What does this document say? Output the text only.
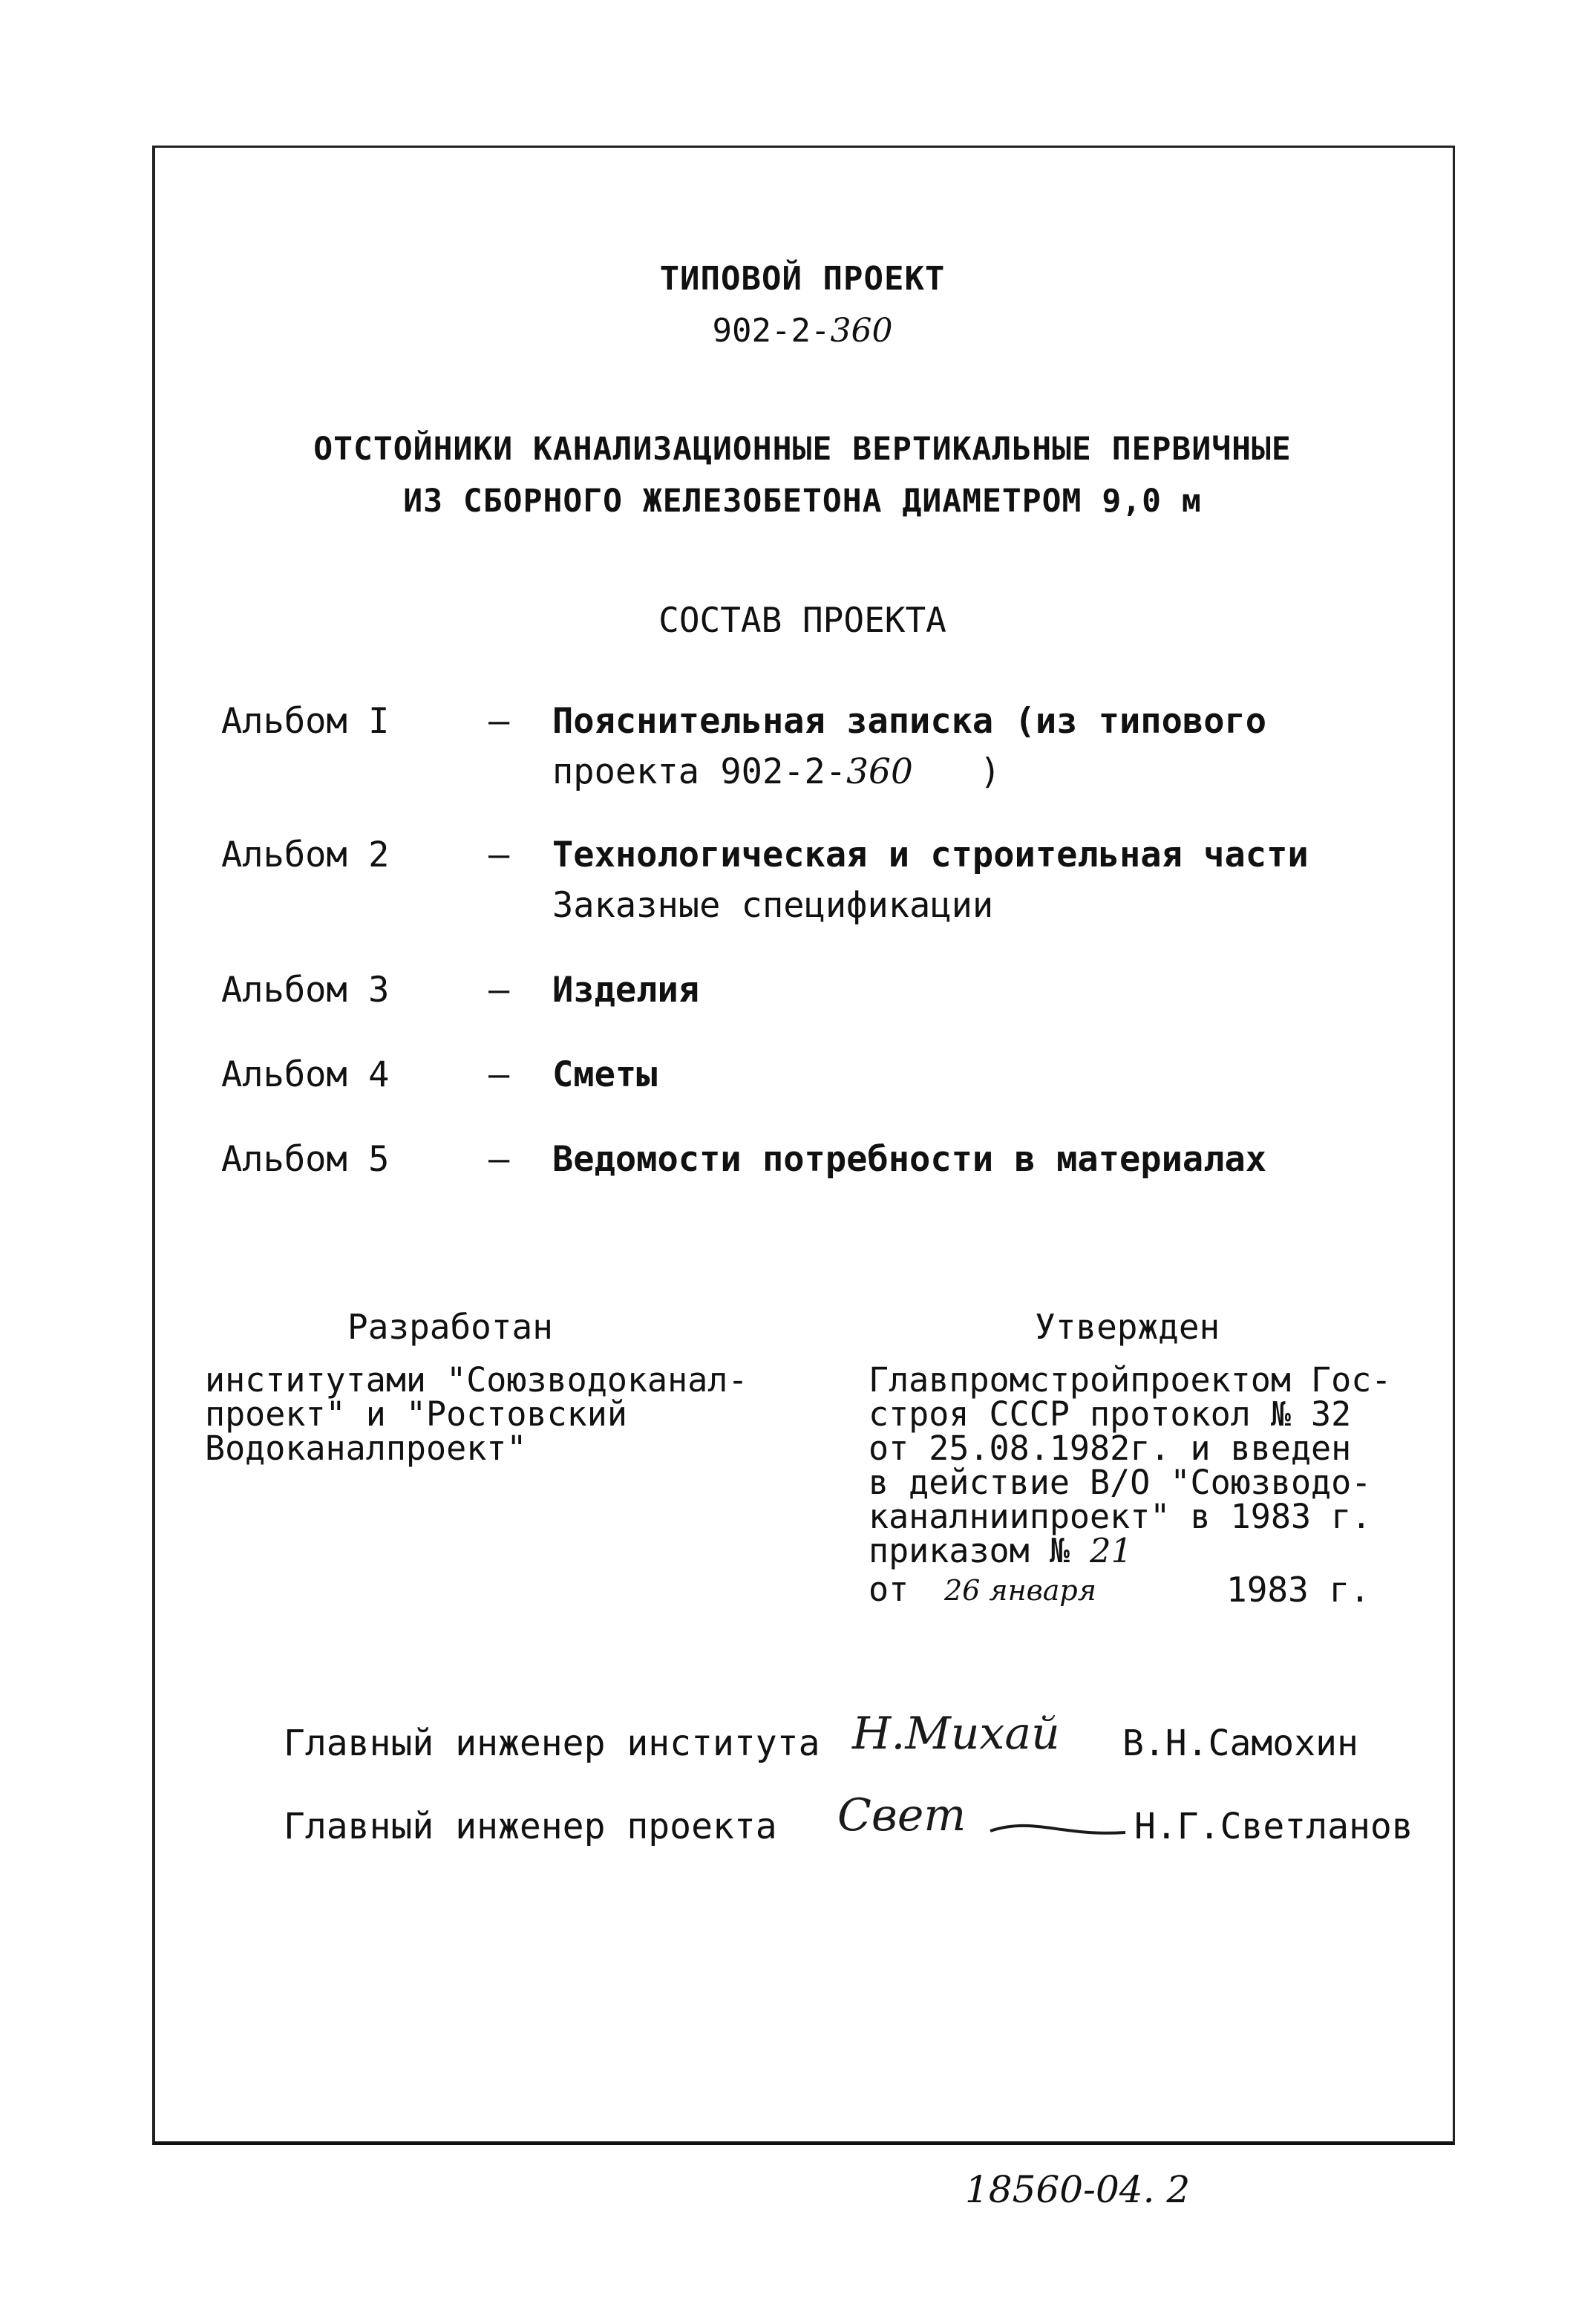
ТИПОВОЙ ПРОЕКТ
902-2-360
ОТСТОЙНИКИ КАНАЛИЗАЦИОННЫЕ ВЕРТИКАЛЬНЫЕ ПЕРВИЧНЫЕ
ИЗ СБОРНОГО ЖЕЛЕЗОБЕТОНА ДИАМЕТРОМ 9,0 м
СОСТАВ ПРОЕКТА
Альбом I	– Пояснительная записка (из типового
проекта 902-2-360 )
Альбом 2	– Технологическая и строительная части
Заказные спецификации
Альбом 3	– Изделия
Альбом 4	– Сметы
Альбом 5	– Ведомости потребности в материалах
Разработан
институтами "Союзводоканал-
проект" и "Ростовский
Водоканалпроект"
Утвержден
Главпромстройпроектом Гос-
строя СССР протокол № 32
от 25.08.1982г. и введен
в действие В/О "Союзводо-
каналниипроект" в 1983 г.
приказом № 21
от 26 января	1983 г.
Главный инженер института Н.Михай В.Н.Самохин
Главный инженер проекта Свет	Н.Г.Светланов
18560-04. 2
